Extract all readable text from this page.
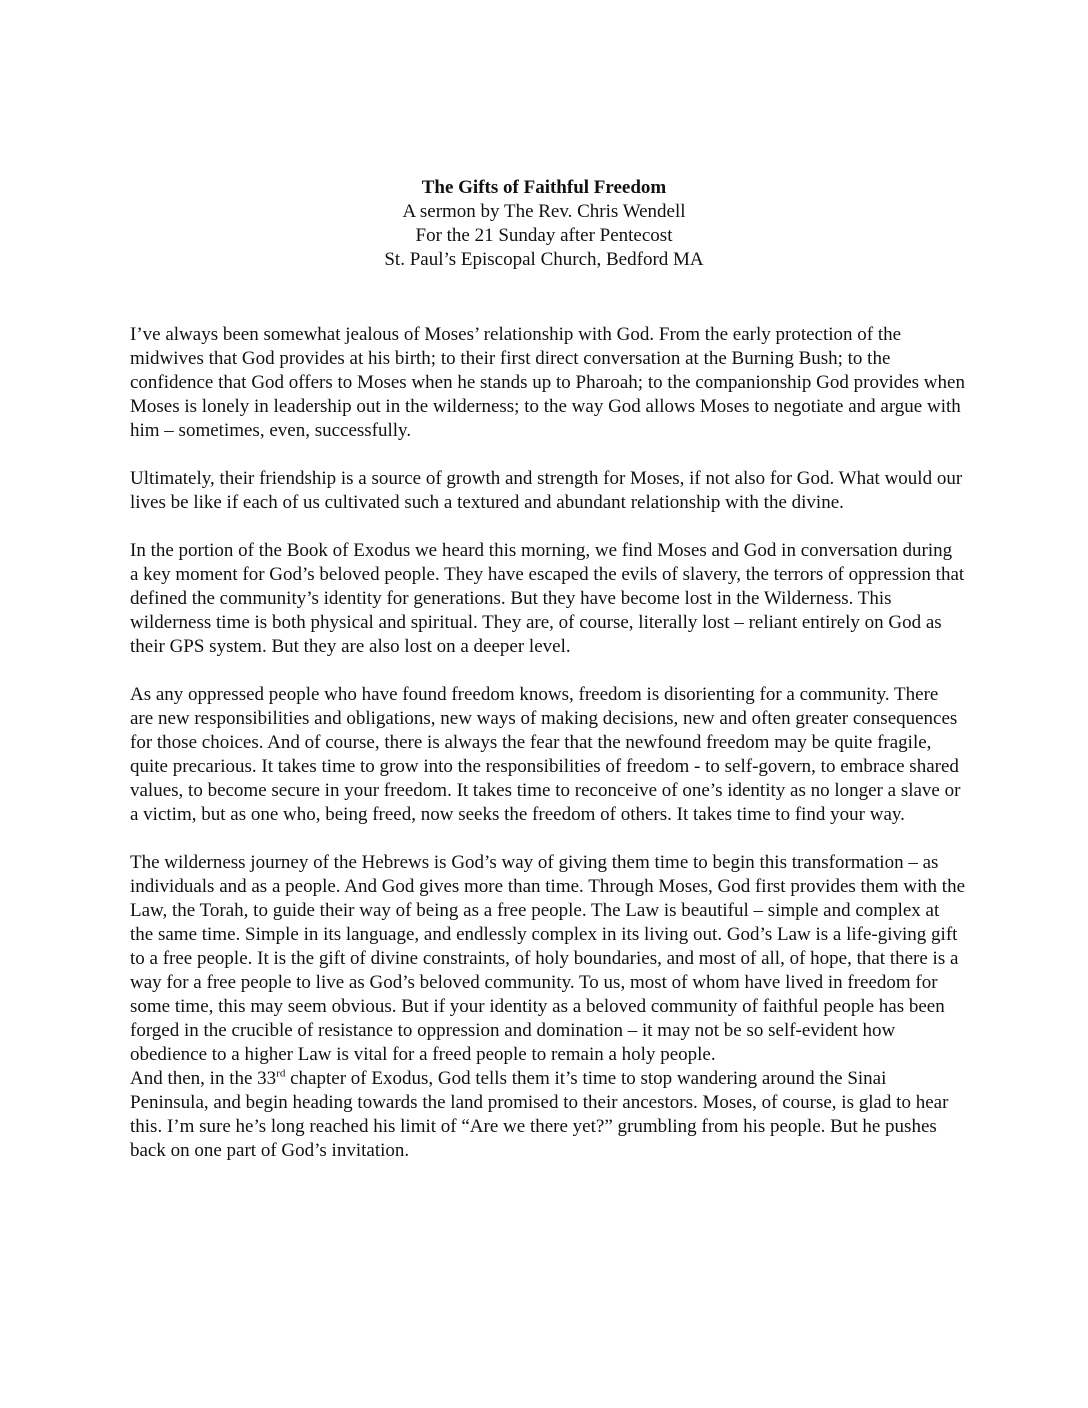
The Gifts of Faithful Freedom
A sermon by The Rev. Chris Wendell
For the 21 Sunday after Pentecost
St. Paul’s Episcopal Church, Bedford MA

I’ve always been somewhat jealous of Moses’ relationship with God. From the early protection of the midwives that God provides at his birth; to their first direct conversation at the Burning Bush; to the confidence that God offers to Moses when he stands up to Pharoah; to the companionship God provides when Moses is lonely in leadership out in the wilderness; to the way God allows Moses to negotiate and argue with him – sometimes, even, successfully.

Ultimately, their friendship is a source of growth and strength for Moses, if not also for God. What would our lives be like if each of us cultivated such a textured and abundant relationship with the divine.

In the portion of the Book of Exodus we heard this morning, we find Moses and God in conversation during a key moment for God’s beloved people. They have escaped the evils of slavery, the terrors of oppression that defined the community’s identity for generations. But they have become lost in the Wilderness. This wilderness time is both physical and spiritual. They are, of course, literally lost – reliant entirely on God as their GPS system. But they are also lost on a deeper level.

As any oppressed people who have found freedom knows, freedom is disorienting for a community. There are new responsibilities and obligations, new ways of making decisions, new and often greater consequences for those choices. And of course, there is always the fear that the newfound freedom may be quite fragile, quite precarious. It takes time to grow into the responsibilities of freedom - to self-govern, to embrace shared values, to become secure in your freedom. It takes time to reconceive of one’s identity as no longer a slave or a victim, but as one who, being freed, now seeks the freedom of others. It takes time to find your way.

The wilderness journey of the Hebrews is God’s way of giving them time to begin this transformation – as individuals and as a people. And God gives more than time. Through Moses, God first provides them with the Law, the Torah, to guide their way of being as a free people. The Law is beautiful – simple and complex at the same time. Simple in its language, and endlessly complex in its living out. God’s Law is a life-giving gift to a free people. It is the gift of divine constraints, of holy boundaries, and most of all, of hope, that there is a way for a free people to live as God’s beloved community. To us, most of whom have lived in freedom for some time, this may seem obvious. But if your identity as a beloved community of faithful people has been forged in the crucible of resistance to oppression and domination – it may not be so self-evident how obedience to a higher Law is vital for a freed people to remain a holy people.

And then, in the 33rd chapter of Exodus, God tells them it’s time to stop wandering around the Sinai Peninsula, and begin heading towards the land promised to their ancestors. Moses, of course, is glad to hear this. I’m sure he’s long reached his limit of “Are we there yet?” grumbling from his people. But he pushes back on one part of God’s invitation.
